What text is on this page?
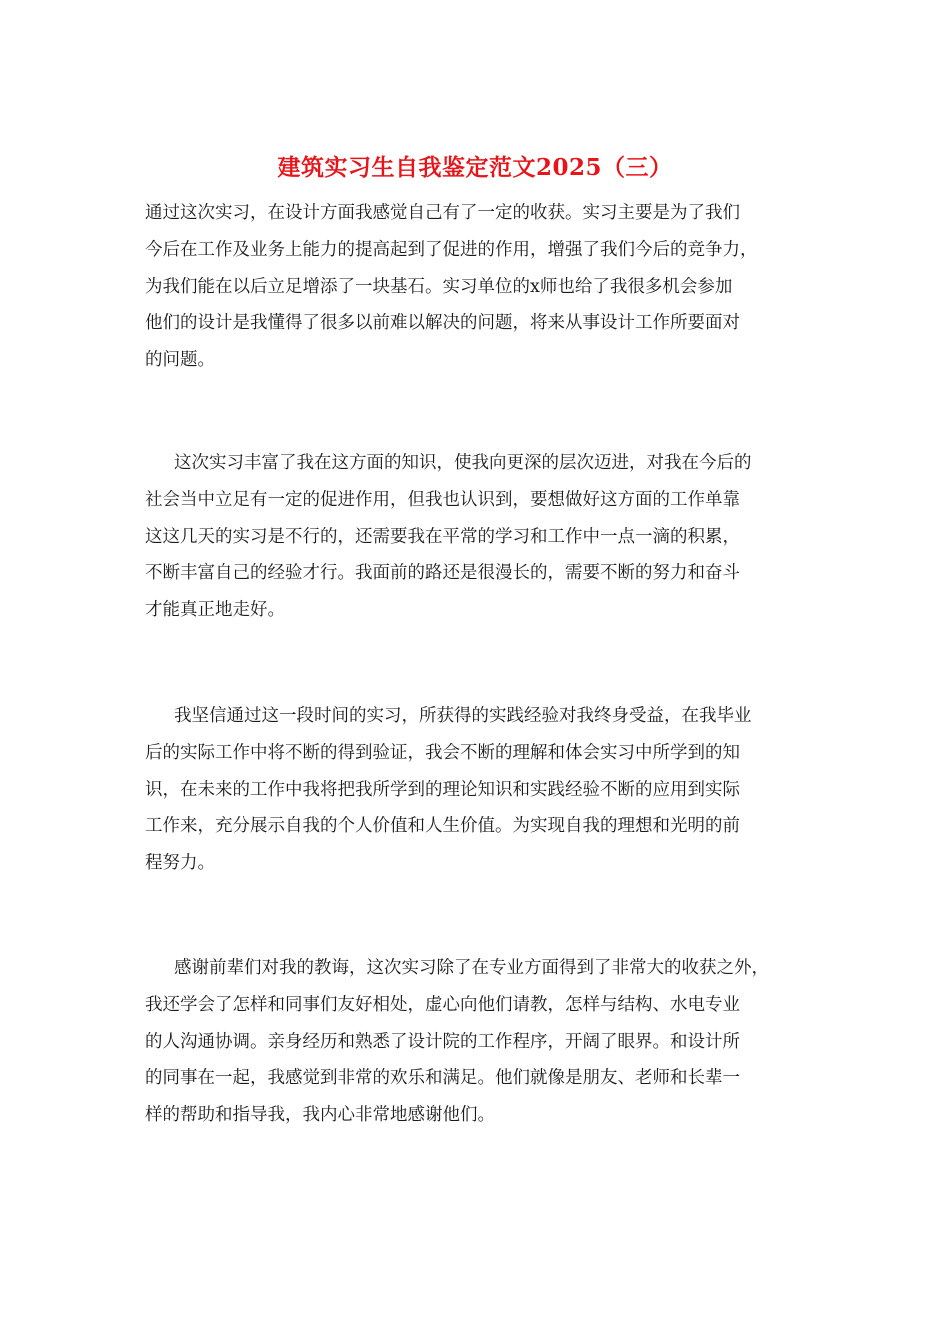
建筑实习生自我鉴定范文2025（三）

通过这次实习，在设计方面我感觉自己有了一定的收获。实习主要是为了我们
今后在工作及业务上能力的提高起到了促进的作用，增强了我们今后的竞争力，
为我们能在以后立足增添了一块基石。实习单位的x师也给了我很多机会参加
他们的设计是我懂得了很多以前难以解决的问题，将来从事设计工作所要面对
的问题。

这次实习丰富了我在这方面的知识，使我向更深的层次迈进，对我在今后的
社会当中立足有一定的促进作用，但我也认识到，要想做好这方面的工作单靠
这这几天的实习是不行的，还需要我在平常的学习和工作中一点一滴的积累，
不断丰富自己的经验才行。我面前的路还是很漫长的，需要不断的努力和奋斗
才能真正地走好。

我坚信通过这一段时间的实习，所获得的实践经验对我终身受益，在我毕业
后的实际工作中将不断的得到验证，我会不断的理解和体会实习中所学到的知
识，在未来的工作中我将把我所学到的理论知识和实践经验不断的应用到实际
工作来，充分展示自我的个人价值和人生价值。为实现自我的理想和光明的前
程努力。

感谢前辈们对我的教诲，这次实习除了在专业方面得到了非常大的收获之外，
我还学会了怎样和同事们友好相处，虚心向他们请教，怎样与结构、水电专业
的人沟通协调。亲身经历和熟悉了设计院的工作程序，开阔了眼界。和设计所
的同事在一起，我感觉到非常的欢乐和满足。他们就像是朋友、老师和长辈一
样的帮助和指导我，我内心非常地感谢他们。
